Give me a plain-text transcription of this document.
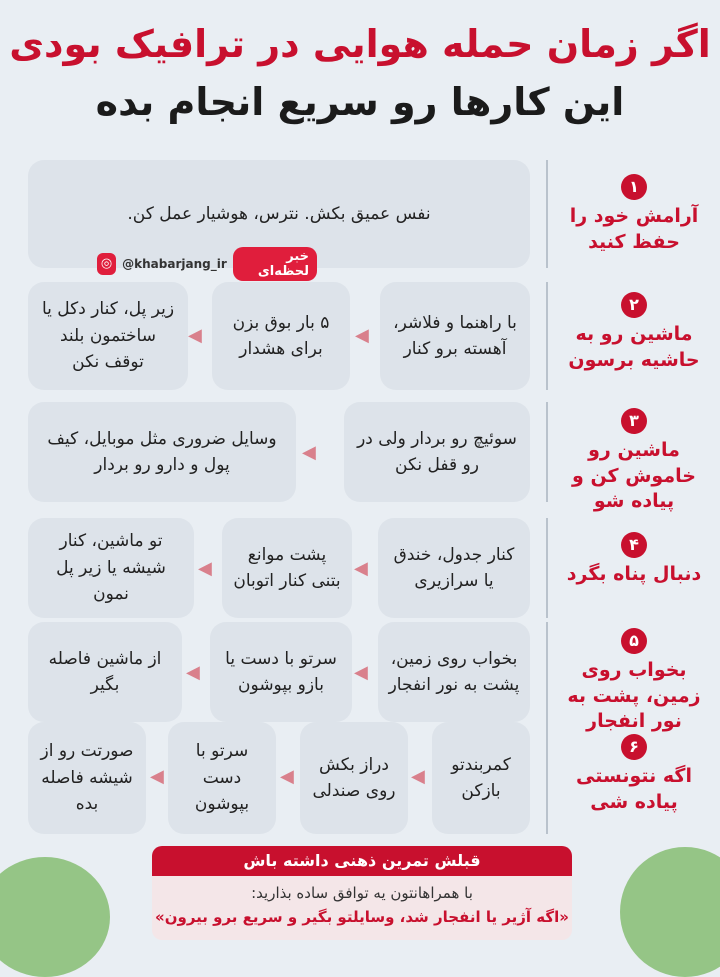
اگر زمان حمله هوایی در ترافیک بودی
این کارها رو سریع انجام بده
۱
آرامش خود را حفظ کنید
نفس عمیق بکش. نترس، هوشیار عمل کن.
◎ @khabarjang_ir	خبر لحظه‌ای
۲
ماشین رو به حاشیه برسون
با راهنما و فلاشر، آهسته برو کنار
◀
۵ بار بوق بزن برای هشدار
◀
زیر پل، کنار دکل یا ساختمون بلند توقف نکن
۳
ماشین رو خاموش کن و پیاده شو
سوئیچ رو بردار ولی در رو قفل نکن
◀
وسایل ضروری مثل موبایل، کیف پول و دارو رو بردار
۴
دنبال پناه بگرد
کنار جدول، خندق یا سرازیری
◀
پشت موانع بتنی کنار اتوبان
◀
تو ماشین، کنار شیشه یا زیر پل نمون
۵
بخواب روی زمین، پشت به نور انفجار
بخواب روی زمین، پشت به نور انفجار
◀
سرتو با دست یا بازو بپوشون
◀
از ماشین فاصله بگیر
۶
اگه نتونستی پیاده شی
کمربندتو بازکن
◀
دراز بکش روی صندلی
◀
سرتو با دست بپوشون
◀
صورتت رو از شیشه فاصله بده
قبلش تمرین ذهنی داشته باش
با همراهانتون یه توافق ساده بذارید:
«اگه آژیر یا انفجار شد، وسایلتو بگیر و سریع برو بیرون»
